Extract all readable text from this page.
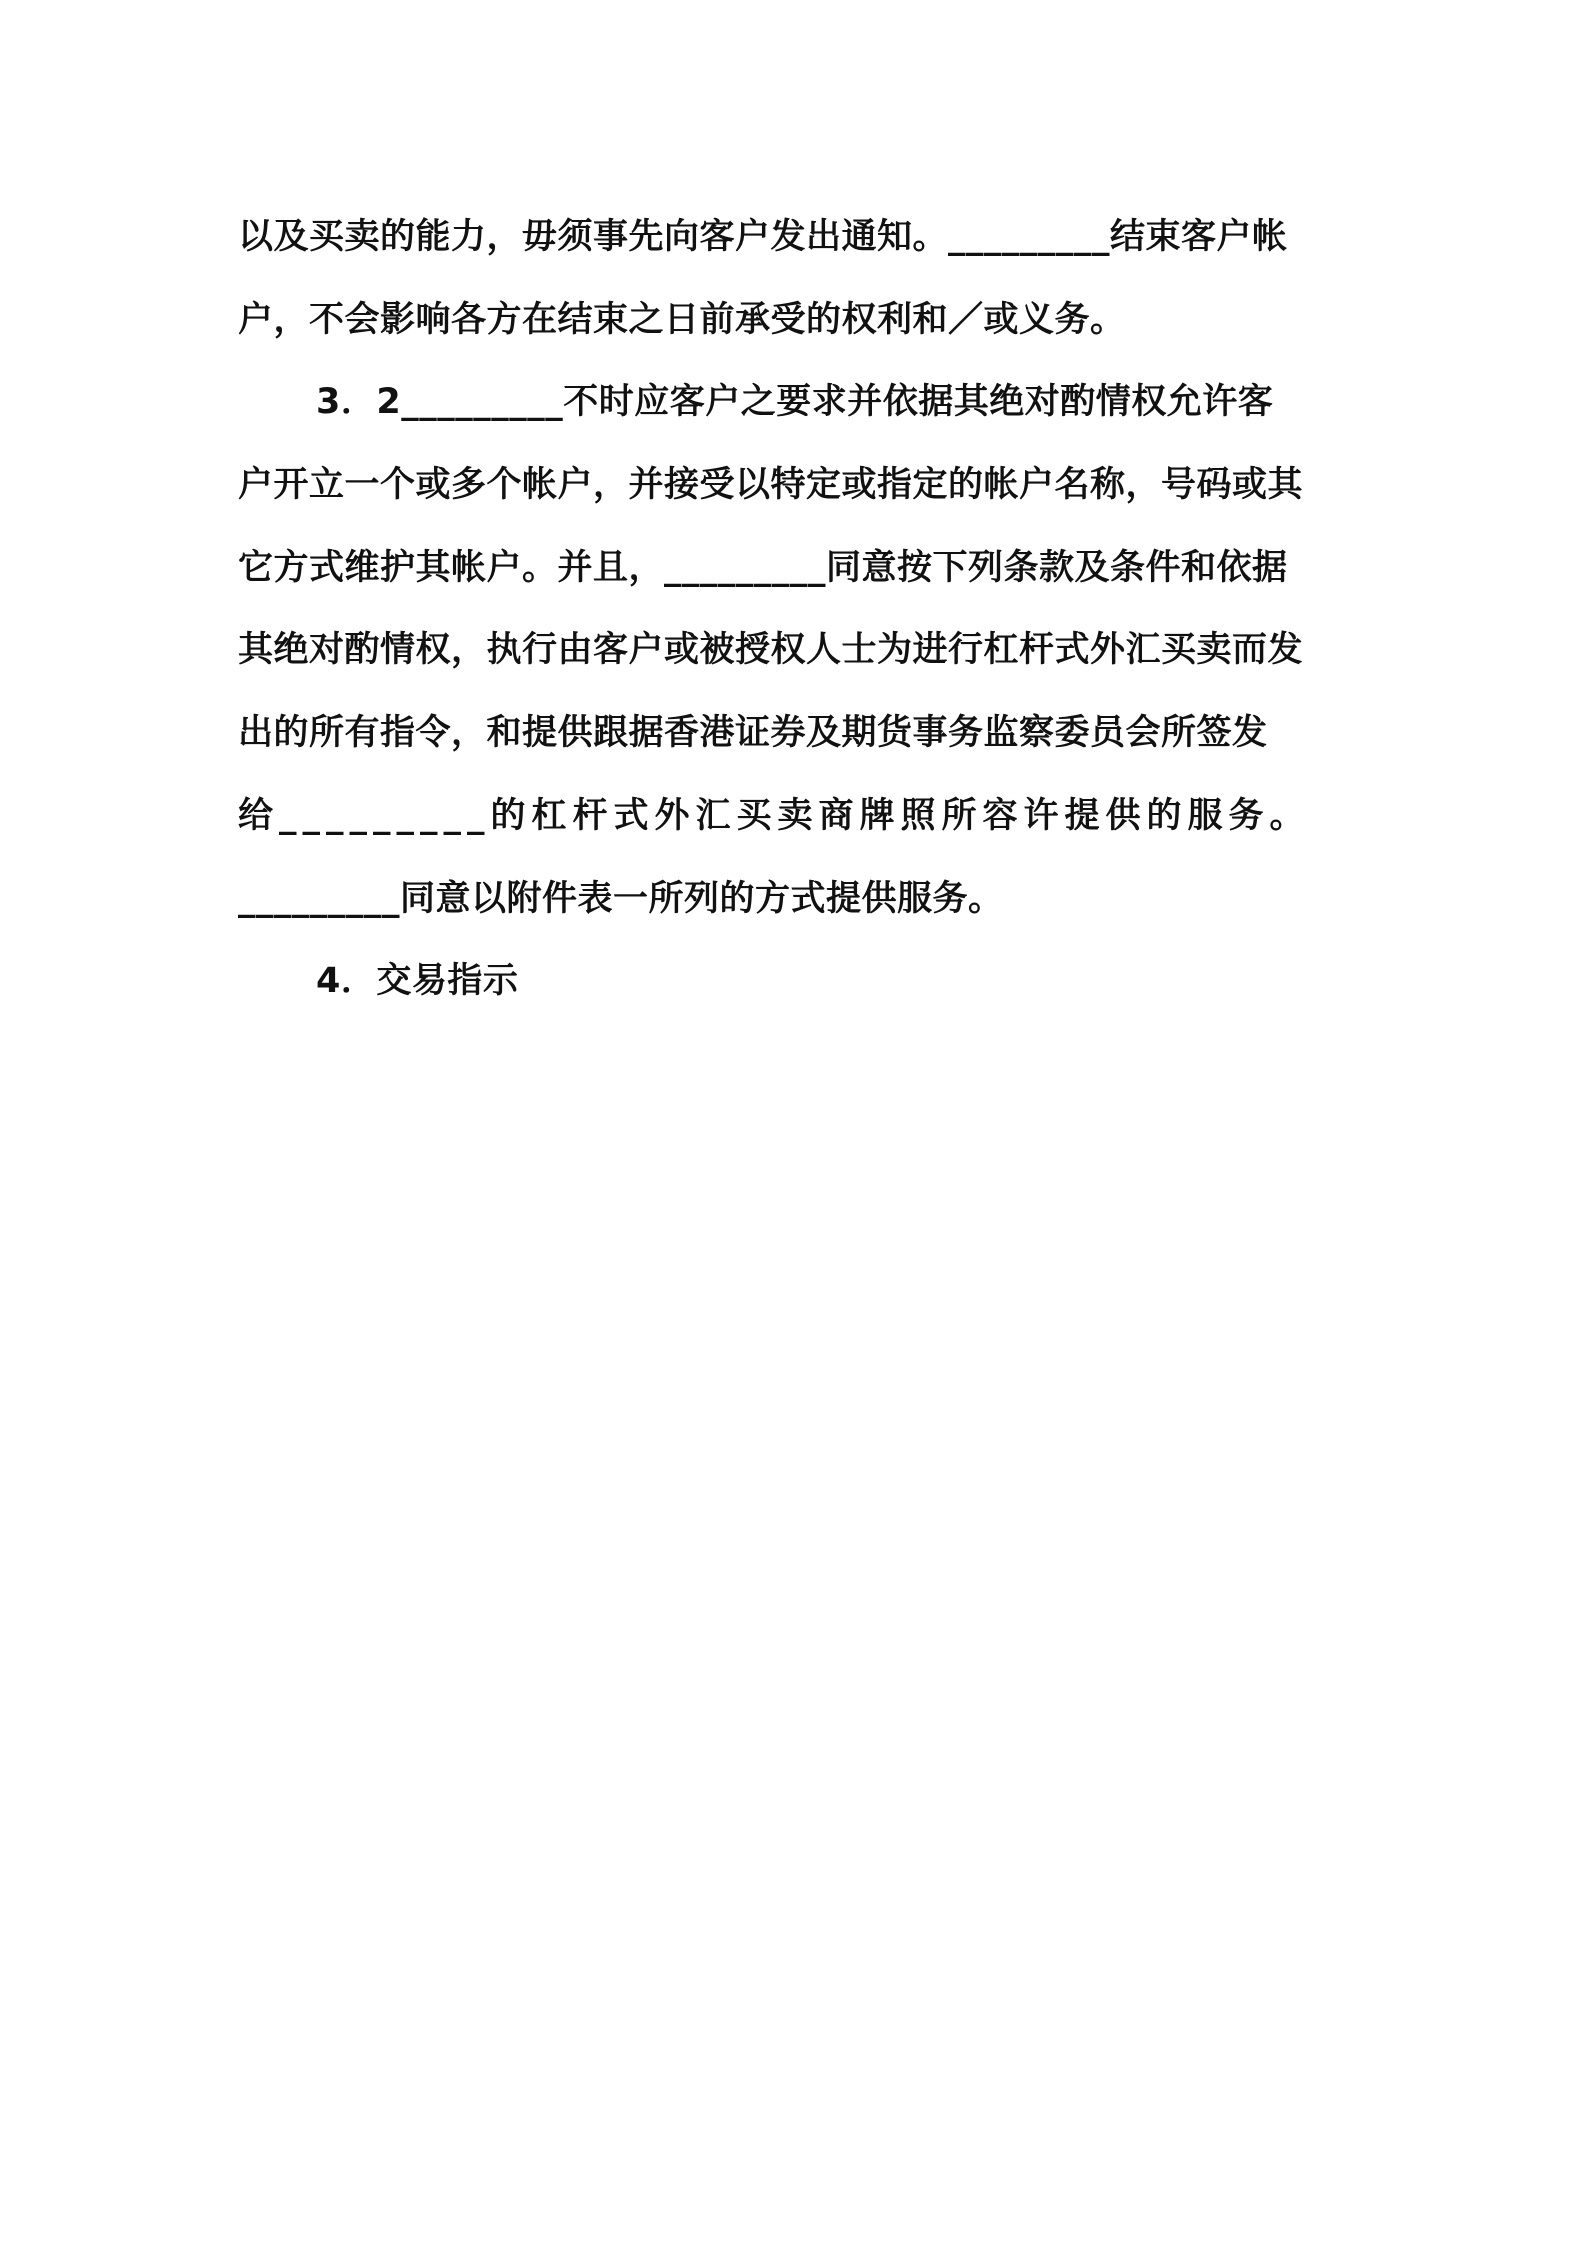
以及买卖的能力，毋须事先向客户发出通知。_________结束客户帐
户，不会影响各方在结束之日前承受的权利和／或义务。
3．2_________不时应客户之要求并依据其绝对酌情权允许客
户开立一个或多个帐户，并接受以特定或指定的帐户名称，号码或其
它方式维护其帐户。并且，_________同意按下列条款及条件和依据
其绝对酌情权，执行由客户或被授权人士为进行杠杆式外汇买卖而发
出的所有指令，和提供跟据香港证券及期货事务监察委员会所签发
给_________的杠杆式外汇买卖商牌照所容许提供的服务。
_________同意以附件表一所列的方式提供服务。
4．交易指示
